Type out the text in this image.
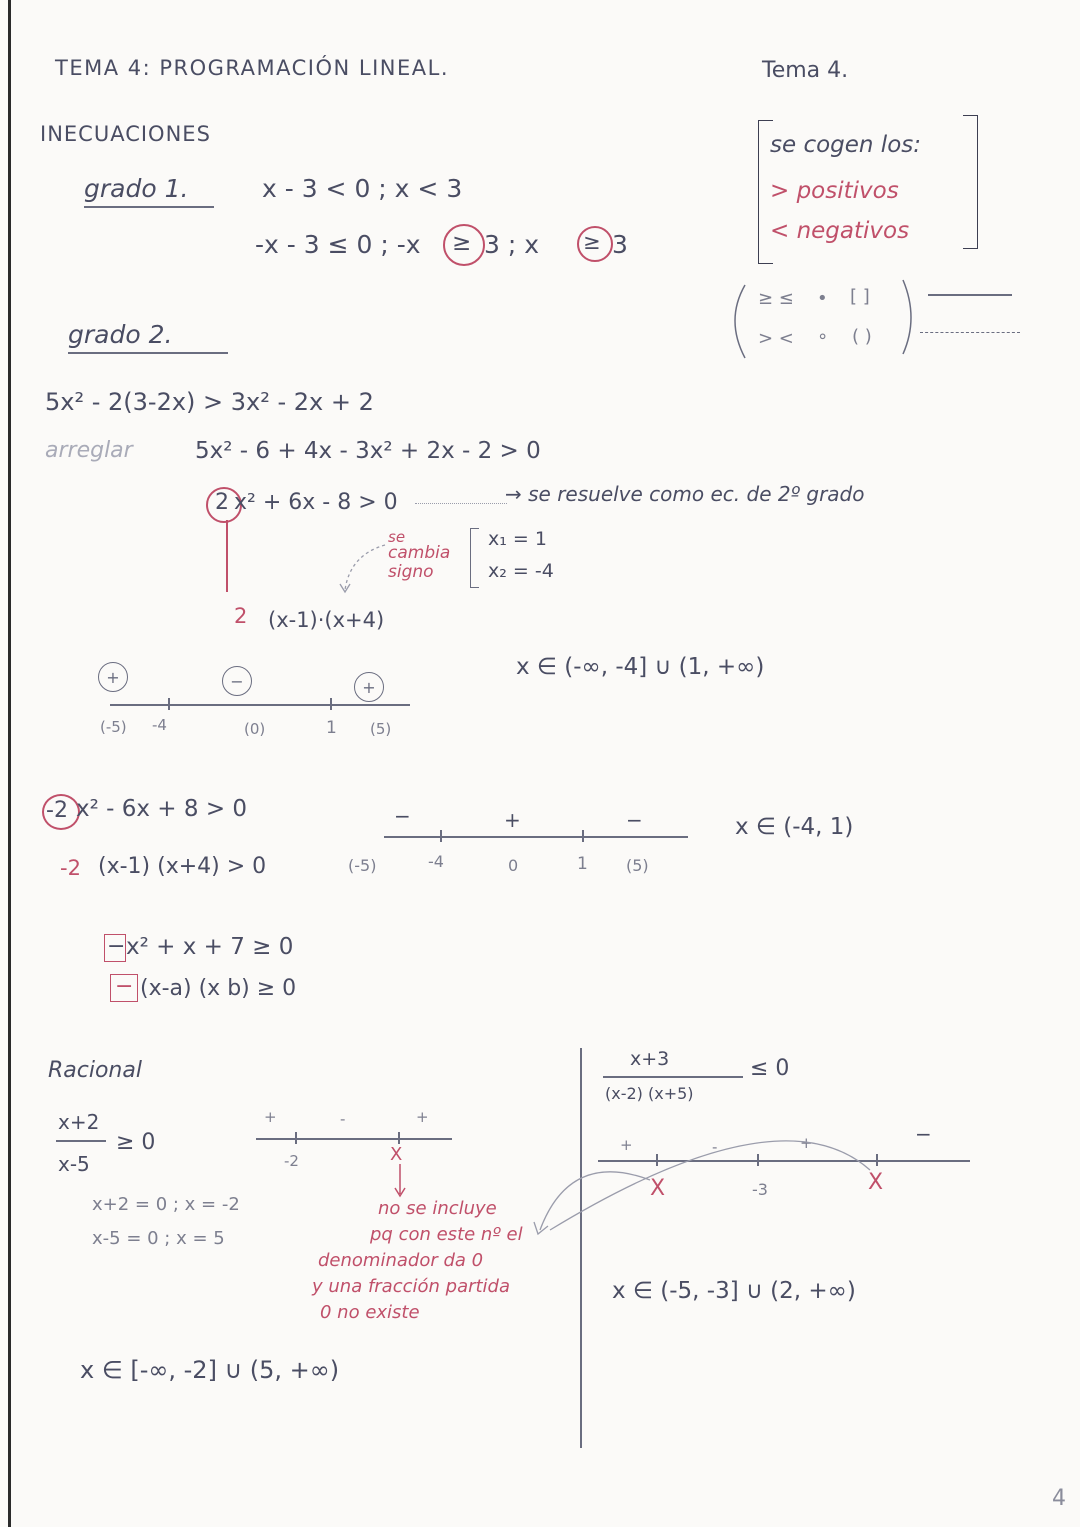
TEMA 4: PROGRAMACIÓN LINEAL.	Tema 4.
se cogen los:
> positivos
< negativos
≥ ≤ • [ ]
> < ∘ ( )
INECUACIONES
grado 1.	x - 3 < 0 ; x < 3
-x - 3 ≤ 0 ; -x ≥ 3 ; x ≥ 3
grado 2.
5x² - 2(3-2x) > 3x² - 2x + 2
arreglar	5x² - 6 + 4x - 3x² + 2x - 2 > 0
2 x² + 6x - 8 > 0	→ se resuelve como ec. de 2º grado
se
cambia
signo
x₁ = 1
x₂ = -4
2 (x-1)·(x+4)
+	−	+
(-5) -4	(0)	1 (5)
x ∈ (-∞, -4] ∪ (1, +∞)
-2 x² - 6x + 8 > 0
-2 (x-1) (x+4) > 0
−	+	−
(-5)	-4	0	1 (5)
x ∈ (-4, 1)
− x² + x + 7 ≥ 0
− (x-a) (x b) ≥ 0
Racional
x+2
x-5
≥ 0
x+2 = 0 ; x = -2
x-5 = 0 ; x = 5
+	-	+
-2	X
no se incluye
pq con este nº el
denominador da 0
y una fracción partida
0 no existe
x ∈ [-∞, -2] ∪ (5, +∞)
x+3
(x-2) (x+5)
≤ 0
+	-	+	−
X	-3	X
x ∈ (-5, -3] ∪ (2, +∞)
4
